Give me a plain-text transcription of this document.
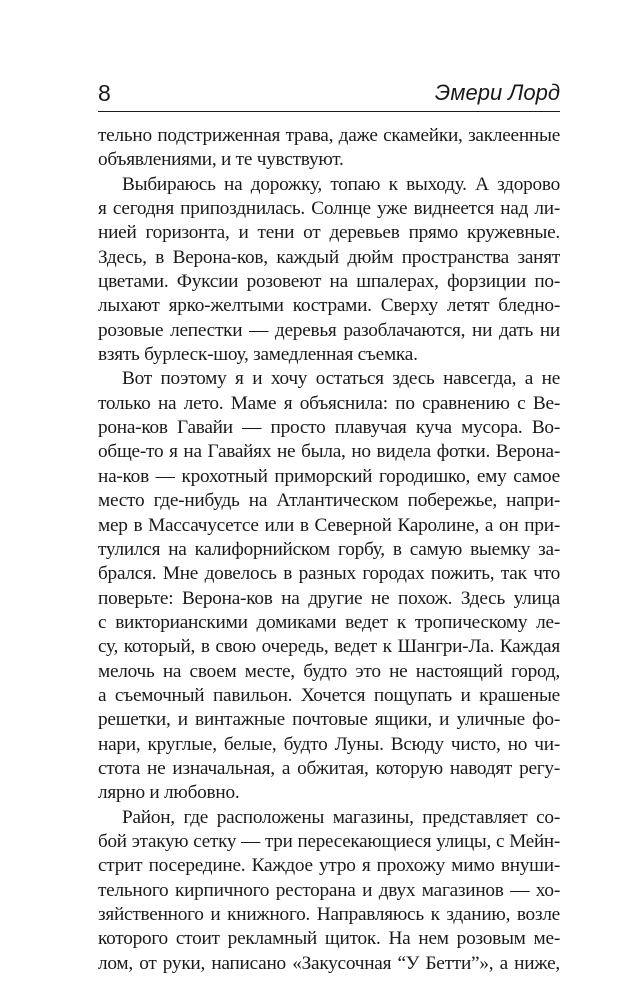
8	Эмери Лорд
тельно подстриженная трава, даже скамейки, заклеенные
объявлениями, и те чувствуют.
Выбираюсь на дорожку, топаю к выходу. А здорово
я сегодня припозднилась. Солнце уже виднеется над ли-
нией горизонта, и тени от деревьев прямо кружевные.
Здесь, в Верона-ков, каждый дюйм пространства занят
цветами. Фуксии розовеют на шпалерах, форзиции по-
лыхают ярко-желтыми кострами. Сверху летят бледно-
розовые лепестки — деревья разоблачаются, ни дать ни
взять бурлеск-шоу, замедленная съемка.
Вот поэтому я и хочу остаться здесь навсегда, а не
только на лето. Маме я объяснила: по сравнению с Ве-
рона-ков Гавайи — просто плавучая куча мусора. Во-
обще-то я на Гавайях не была, но видела фотки. Верона-
на-ков — крохотный приморский городишко, ему самое
место где-нибудь на Атлантическом побережье, напри-
мер в Массачусетсе или в Северной Каролине, а он при-
тулился на калифорнийском горбу, в самую выемку за-
брался. Мне довелось в разных городах пожить, так что
поверьте: Верона-ков на другие не похож. Здесь улица
с викторианскими домиками ведет к тропическому ле-
су, который, в свою очередь, ведет к Шангри-Ла. Каждая
мелочь на своем месте, будто это не настоящий город,
а съемочный павильон. Хочется пощупать и крашеные
решетки, и винтажные почтовые ящики, и уличные фо-
нари, круглые, белые, будто Луны. Всюду чисто, но чи-
стота не изначальная, а обжитая, которую наводят регу-
лярно и любовно.
Район, где расположены магазины, представляет со-
бой этакую сетку — три пересекающиеся улицы, с Мейн-
стрит посередине. Каждое утро я прохожу мимо внуши-
тельного кирпичного ресторана и двух магазинов — хо-
зяйственного и книжного. Направляюсь к зданию, возле
которого стоит рекламный щиток. На нем розовым ме-
лом, от руки, написано «Закусочная “У Бетти”», а ниже,
